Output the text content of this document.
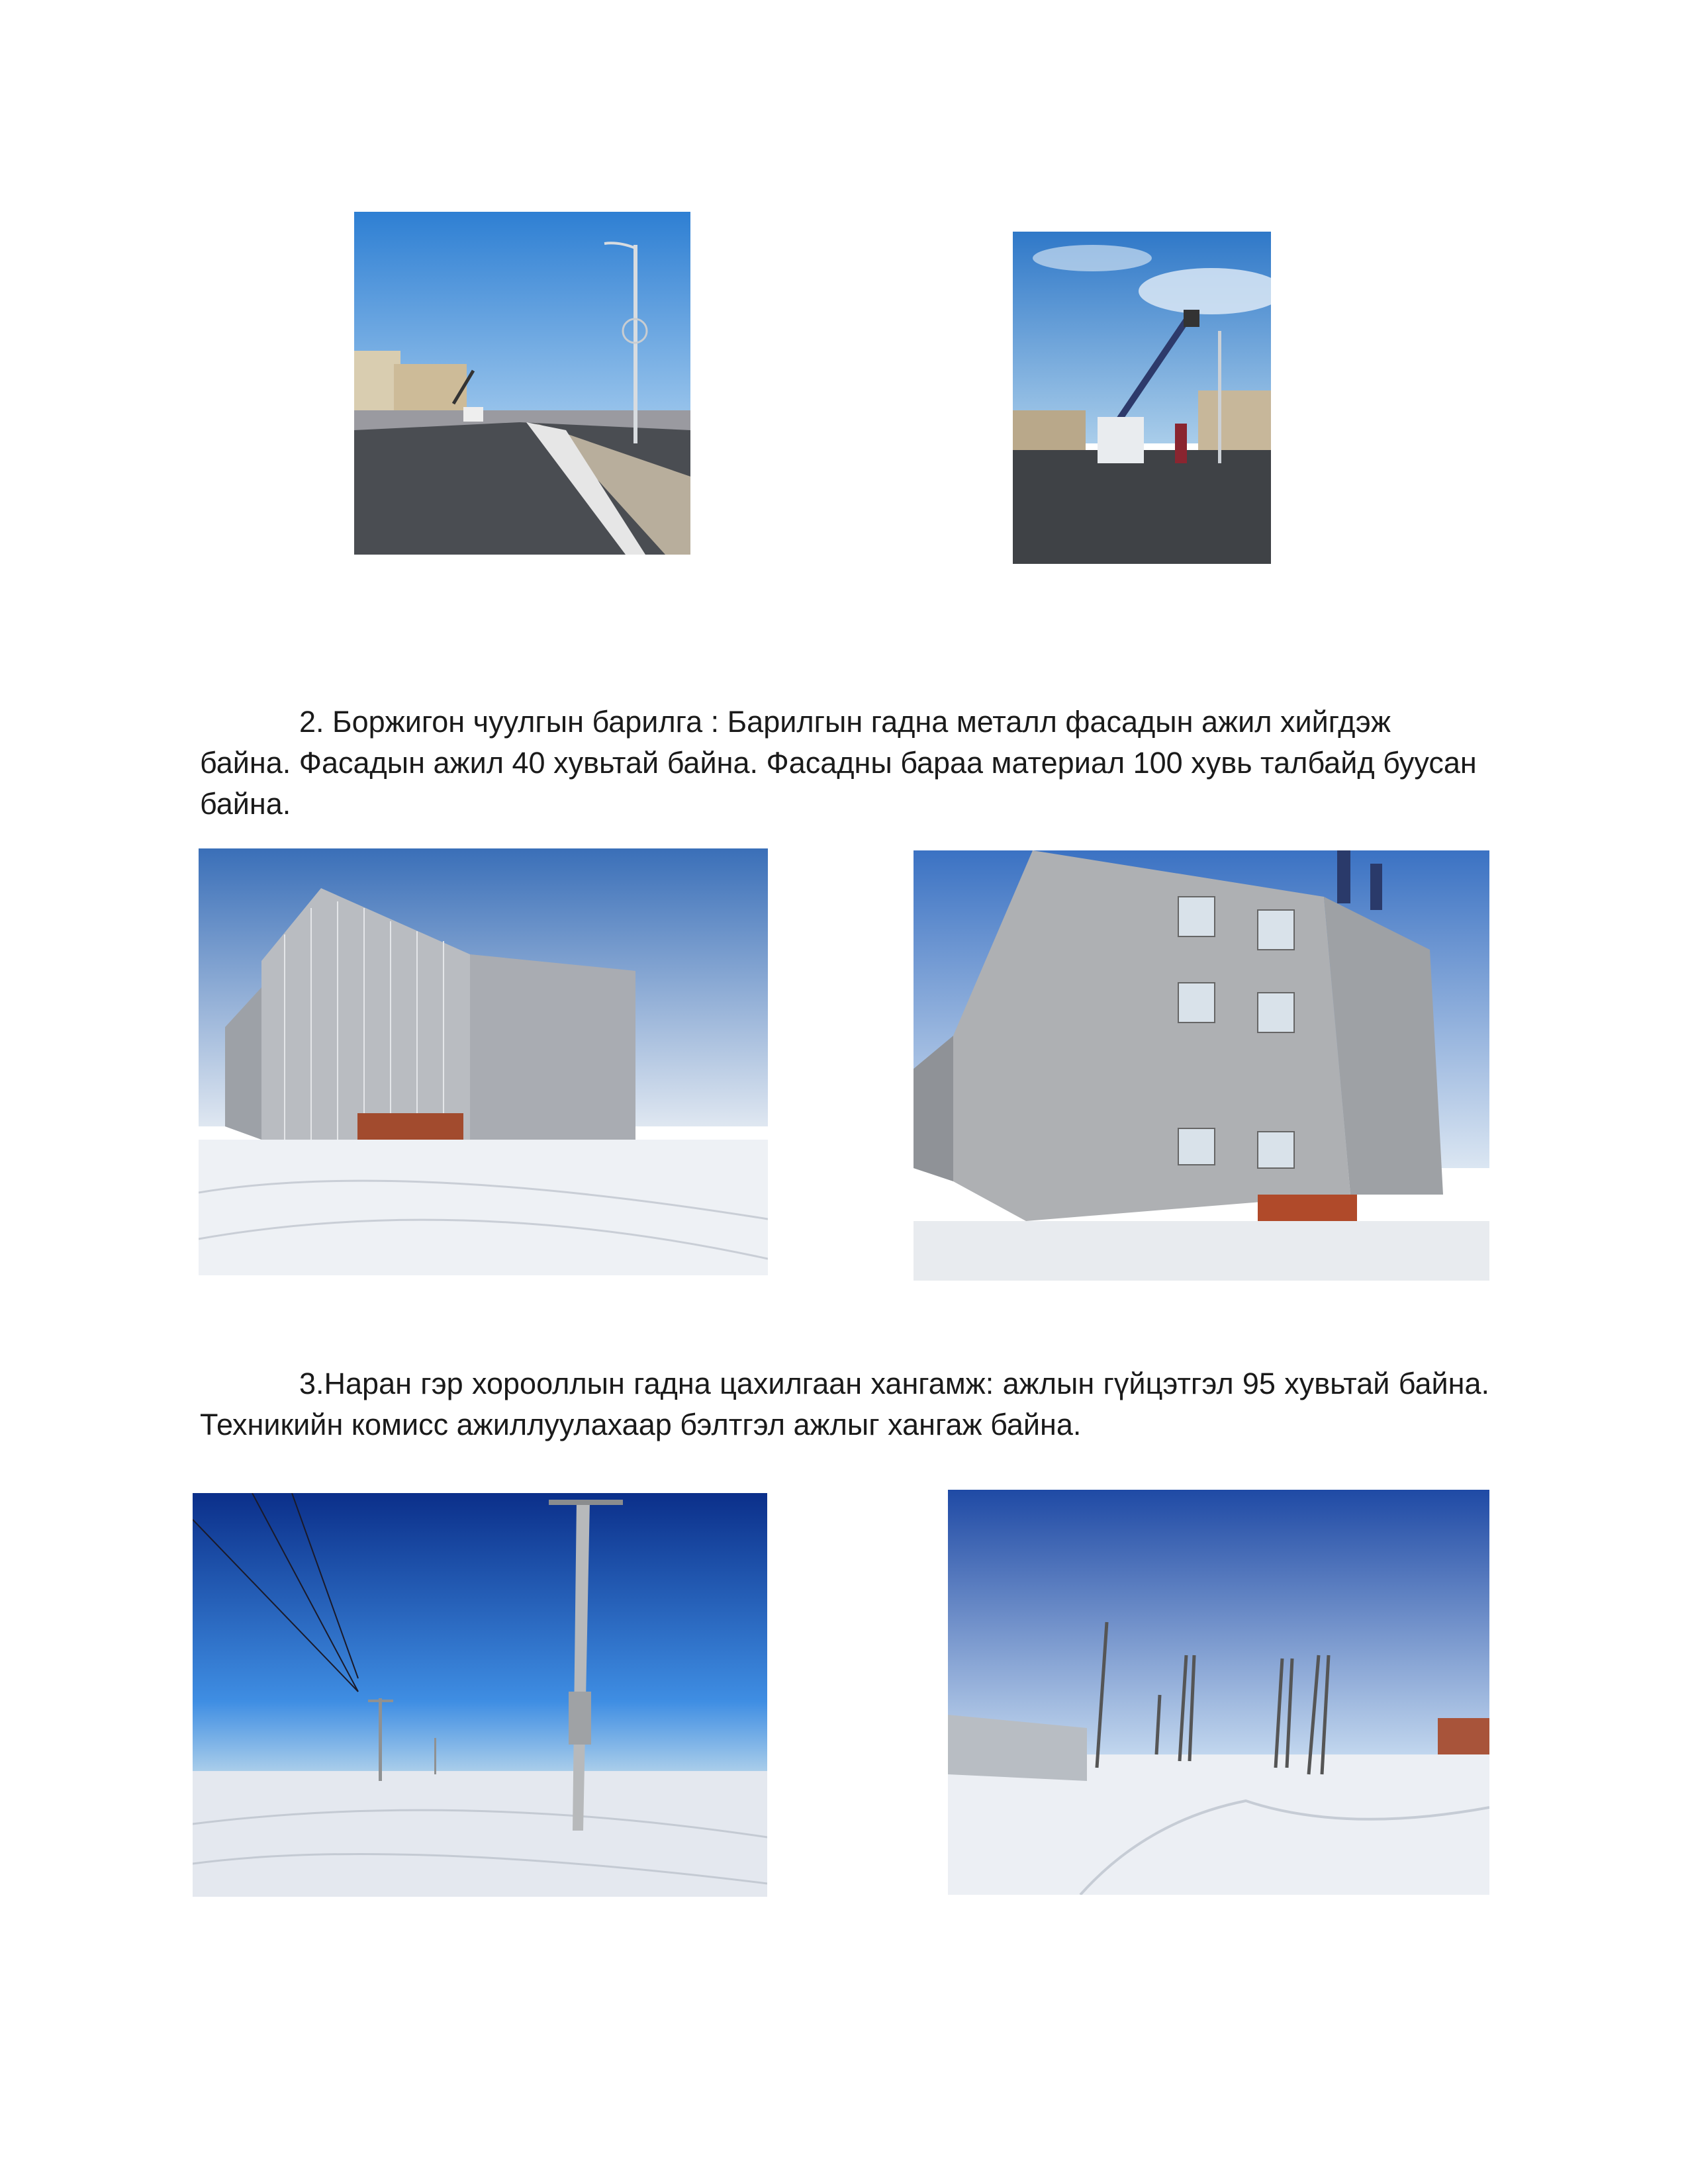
2. Боржигон чуулгын барилга : Барилгын гадна металл фасадын ажил хийгдэж байна. Фасадын ажил 40 хувьтай байна. Фасадны бараа материал 100 хувь талбайд буусан байна.

3.Наран гэр хорооллын гадна цахилгаан хангамж: ажлын гүйцэтгэл 95 хувьтай байна. Техникийн комисс ажиллуулахаар бэлтгэл ажлыг хангаж байна.
